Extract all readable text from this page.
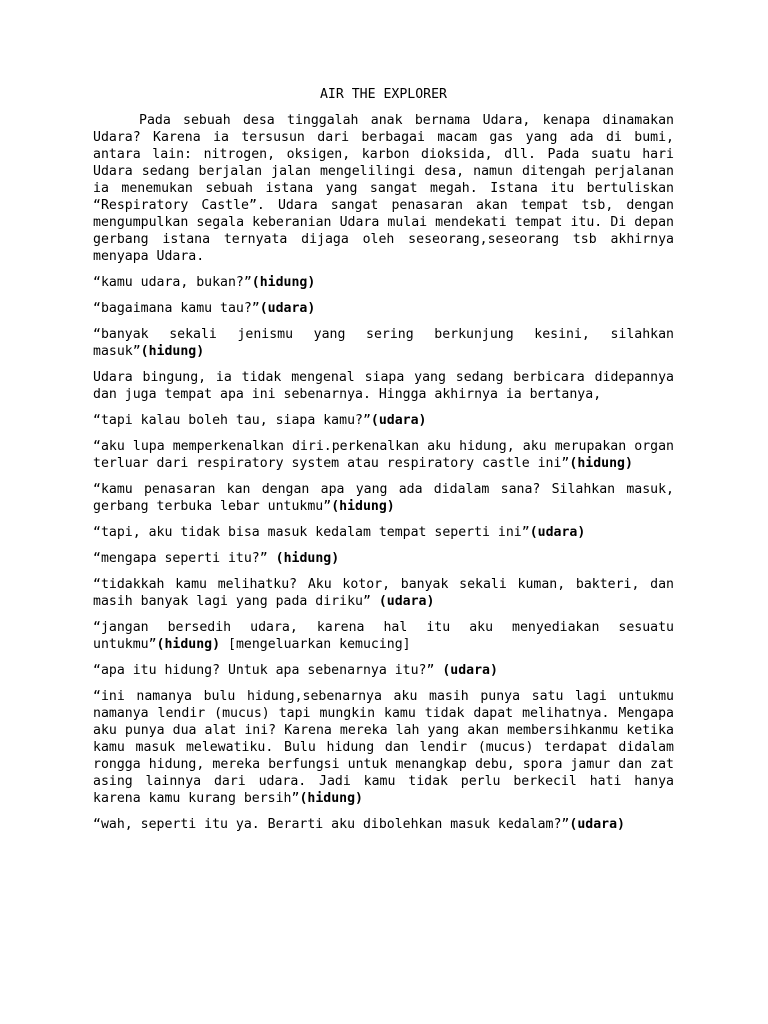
AIR THE EXPLORER
Pada sebuah desa tinggalah anak bernama Udara, kenapa dinamakan Udara? Karena ia tersusun dari berbagai macam gas yang ada di bumi, antara lain: nitrogen, oksigen, karbon dioksida, dll. Pada suatu hari Udara sedang berjalan jalan mengelilingi desa, namun ditengah perjalanan ia menemukan sebuah istana yang sangat megah. Istana itu bertuliskan “Respiratory Castle”. Udara sangat penasaran akan tempat tsb, dengan mengumpulkan segala keberanian Udara mulai mendekati tempat itu. Di depan gerbang istana ternyata dijaga oleh seseorang,seseorang tsb akhirnya menyapa Udara.
“kamu udara, bukan?”(hidung)
“bagaimana kamu tau?”(udara)
“banyak sekali jenismu yang sering berkunjung kesini, silahkan masuk”(hidung)
Udara bingung, ia tidak mengenal siapa yang sedang berbicara didepannya dan juga tempat apa ini sebenarnya. Hingga akhirnya ia bertanya,
“tapi kalau boleh tau, siapa kamu?”(udara)
“aku lupa memperkenalkan diri.perkenalkan aku hidung, aku merupakan organ terluar dari respiratory system atau respiratory castle ini”(hidung)
“kamu penasaran kan dengan apa yang ada didalam sana? Silahkan masuk, gerbang terbuka lebar untukmu”(hidung)
“tapi, aku tidak bisa masuk kedalam tempat seperti ini”(udara)
“mengapa seperti itu?” (hidung)
“tidakkah kamu melihatku? Aku kotor, banyak sekali kuman, bakteri, dan masih banyak lagi yang pada diriku” (udara)
“jangan bersedih udara, karena hal itu aku menyediakan sesuatu untukmu”(hidung) [mengeluarkan kemucing]
“apa itu hidung? Untuk apa sebenarnya itu?” (udara)
“ini namanya bulu hidung,sebenarnya aku masih punya satu lagi untukmu namanya lendir (mucus) tapi mungkin kamu tidak dapat melihatnya. Mengapa aku punya dua alat ini? Karena mereka lah yang akan membersihkanmu ketika kamu masuk melewatiku. Bulu hidung dan lendir (mucus) terdapat didalam rongga hidung, mereka berfungsi untuk menangkap debu, spora jamur dan zat asing lainnya dari udara. Jadi kamu tidak perlu berkecil hati hanya karena kamu kurang bersih”(hidung)
“wah, seperti itu ya. Berarti aku dibolehkan masuk kedalam?”(udara)
